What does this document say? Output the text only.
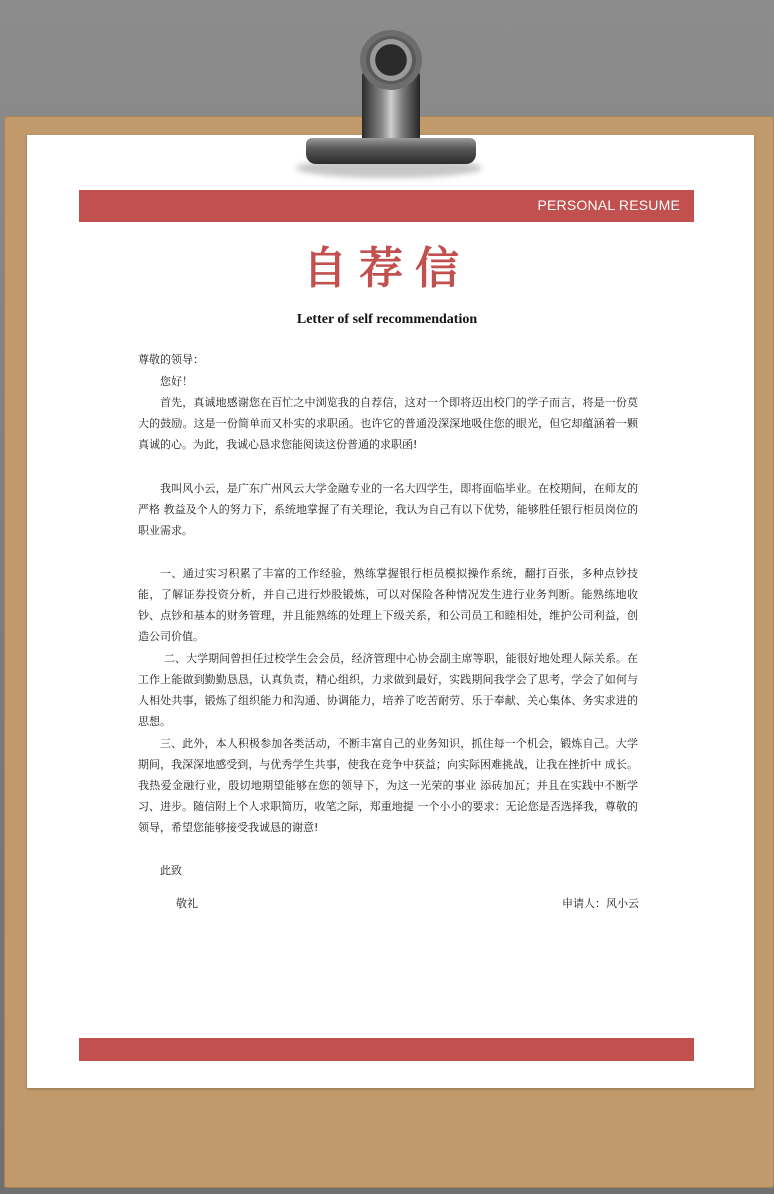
PERSONAL RESUME
自荐信
Letter of self recommendation
尊敬的领导：
您好！

首先，真诚地感谢您在百忙之中浏览我的自荐信，这对一个即将迈出校门的学子而言，将是一份莫大的鼓励。这是一份简单而又朴实的求职函。也许它的普通没深深地吸住您的眼光，但它却蕴涵着一颗真诚的心。为此，我诚心恳求您能阅读这份普通的求职函!

我叫风小云，是广东广州风云大学金融专业的一名大四学生，即将面临毕业。在校期间，在师友的严格 教益及个人的努力下，系统地掌握了有关理论，我认为自己有以下优势，能够胜任银行柜员岗位的职业需求。

一、通过实习积累了丰富的工作经验，熟练掌握银行柜员模拟操作系统，翻打百张，多种点钞技能，了解证券投资分析，并自己进行炒股锻炼，可以对保险各种情况发生进行业务判断。能熟练地收钞、点钞和基本的财务管理，并且能熟练的处理上下级关系，和公司员工和睦相处，维护公司利益，创造公司价值。

二、大学期间曾担任过校学生会会员，经济管理中心协会副主席等职，能很好地处理人际关系。在工作上能做到勤勤恳恳，认真负责，精心组织，力求做到最好，实践期间我学会了思考，学会了如何与人相处共事，锻炼了组织能力和沟通、协调能力，培养了吃苦耐劳、乐于奉献、关心集体、务实求进的思想。

三、此外，本人积极参加各类活动，不断丰富自己的业务知识，抓住每一个机会，锻炼自己。大学期间，我深深地感受到，与优秀学生共事，使我在竞争中获益；向实际困难挑战，让我在挫折中 成长。我热爱金融行业，殷切地期望能够在您的领导下，为这一光荣的事业 添砖加瓦；并且在实践中不断学习、进步。随信附上个人求职简历，收笔之际，郑重地提 一个小小的要求：无论您是否选择我，尊敬的领导，希望您能够接受我诚恳的谢意!

此致
敬礼	申请人：风小云
